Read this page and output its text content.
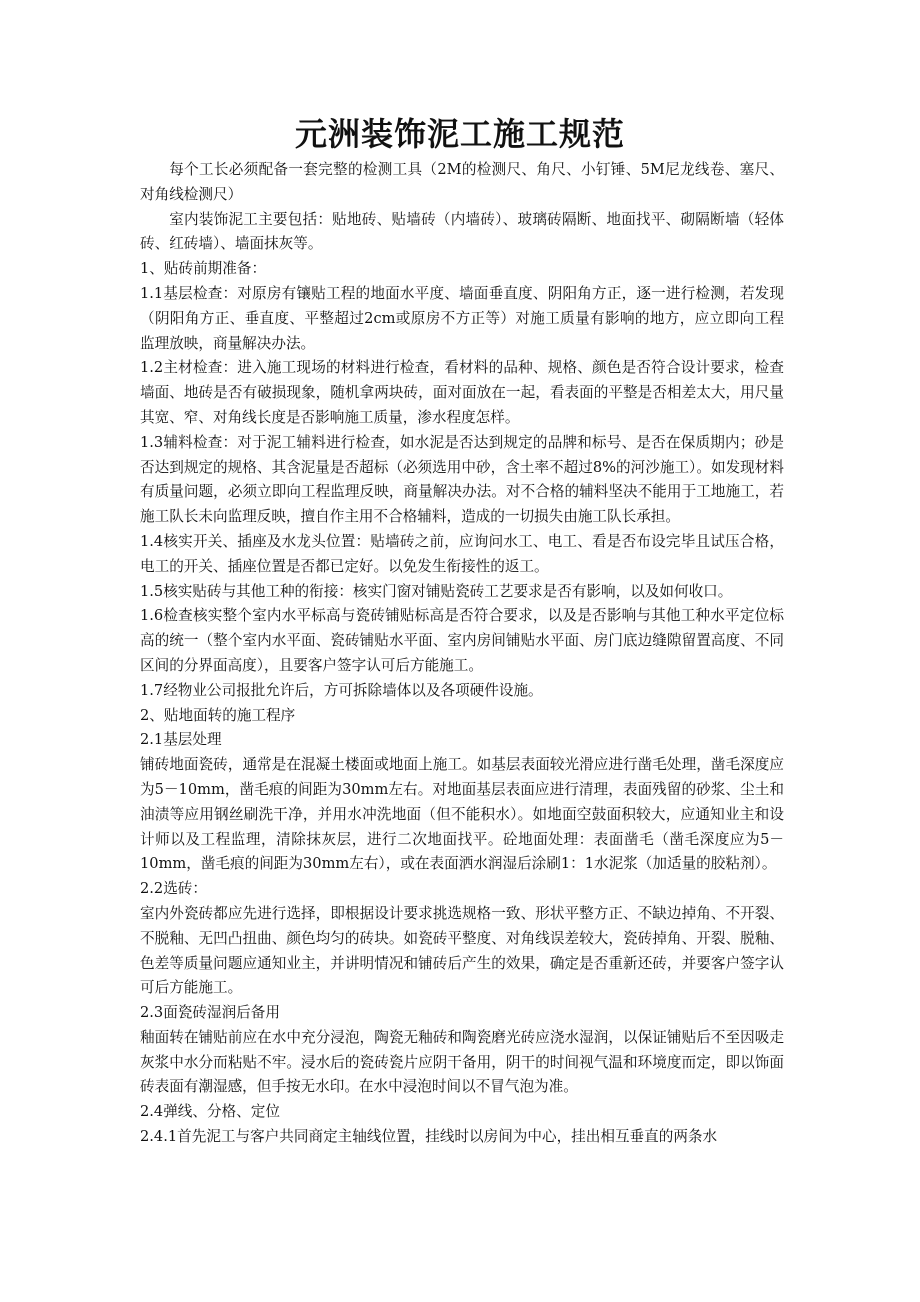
元洲装饰泥工施工规范

每个工长必须配备一套完整的检测工具（2M的检测尺、角尺、小钉锤、5M尼龙线卷、塞尺、对角线检测尺）

室内装饰泥工主要包括：贴地砖、贴墙砖（内墙砖）、玻璃砖隔断、地面找平、砌隔断墙（轻体砖、红砖墙）、墙面抹灰等。

1、贴砖前期准备：

1.1基层检查：对原房有镶贴工程的地面水平度、墙面垂直度、阴阳角方正，逐一进行检测，若发现（阴阳角方正、垂直度、平整超过2cm或原房不方正等）对施工质量有影响的地方，应立即向工程监理放映，商量解决办法。

1.2主材检查：进入施工现场的材料进行检查，看材料的品种、规格、颜色是否符合设计要求，检查墙面、地砖是否有破损现象，随机拿两块砖，面对面放在一起，看表面的平整是否相差太大，用尺量其宽、窄、对角线长度是否影响施工质量，渗水程度怎样。

1.3辅料检查：对于泥工辅料进行检查，如水泥是否达到规定的品牌和标号、是否在保质期内；砂是否达到规定的规格、其含泥量是否超标（必须选用中砂，含土率不超过8%的河沙施工）。如发现材料有质量问题，必须立即向工程监理反映，商量解决办法。对不合格的辅料坚决不能用于工地施工，若施工队长未向监理反映，擅自作主用不合格辅料，造成的一切损失由施工队长承担。

1.4核实开关、插座及水龙头位置：贴墙砖之前，应询问水工、电工、看是否布设完毕且试压合格，电工的开关、插座位置是否都已定好。以免发生衔接性的返工。

1.5核实贴砖与其他工种的衔接：核实门窗对铺贴瓷砖工艺要求是否有影响，以及如何收口。

1.6检查核实整个室内水平标高与瓷砖铺贴标高是否符合要求，以及是否影响与其他工种水平定位标高的统一（整个室内水平面、瓷砖铺贴水平面、室内房间铺贴水平面、房门底边缝隙留置高度、不同区间的分界面高度），且要客户签字认可后方能施工。

1.7经物业公司报批允许后，方可拆除墙体以及各项硬件设施。

2、贴地面转的施工程序

2.1基层处理

铺砖地面瓷砖，通常是在混凝土楼面或地面上施工。如基层表面较光滑应进行凿毛处理，凿毛深度应为5－10mm，凿毛痕的间距为30mm左右。对地面基层表面应进行清理，表面残留的砂浆、尘土和油渍等应用钢丝刷洗干净，并用水冲洗地面（但不能积水）。如地面空鼓面积较大，应通知业主和设计师以及工程监理，清除抹灰层，进行二次地面找平。砼地面处理：表面凿毛（凿毛深度应为5－10mm，凿毛痕的间距为30mm左右），或在表面洒水润湿后涂刷1：1水泥浆（加适量的胶粘剂）。

2.2选砖：

室内外瓷砖都应先进行选择，即根据设计要求挑选规格一致、形状平整方正、不缺边掉角、不开裂、不脱釉、无凹凸扭曲、颜色均匀的砖块。如瓷砖平整度、对角线误差较大，瓷砖掉角、开裂、脱釉、色差等质量问题应通知业主，并讲明情况和铺砖后产生的效果，确定是否重新还砖，并要客户签字认可后方能施工。

2.3面瓷砖湿润后备用

釉面转在铺贴前应在水中充分浸泡，陶瓷无釉砖和陶瓷磨光砖应浇水湿润，以保证铺贴后不至因吸走灰浆中水分而粘贴不牢。浸水后的瓷砖瓷片应阴干备用，阴干的时间视气温和环境度而定，即以饰面砖表面有潮湿感，但手按无水印。在水中浸泡时间以不冒气泡为准。

2.4弹线、分格、定位

2.4.1首先泥工与客户共同商定主轴线位置，挂线时以房间为中心，挂出相互垂直的两条水
